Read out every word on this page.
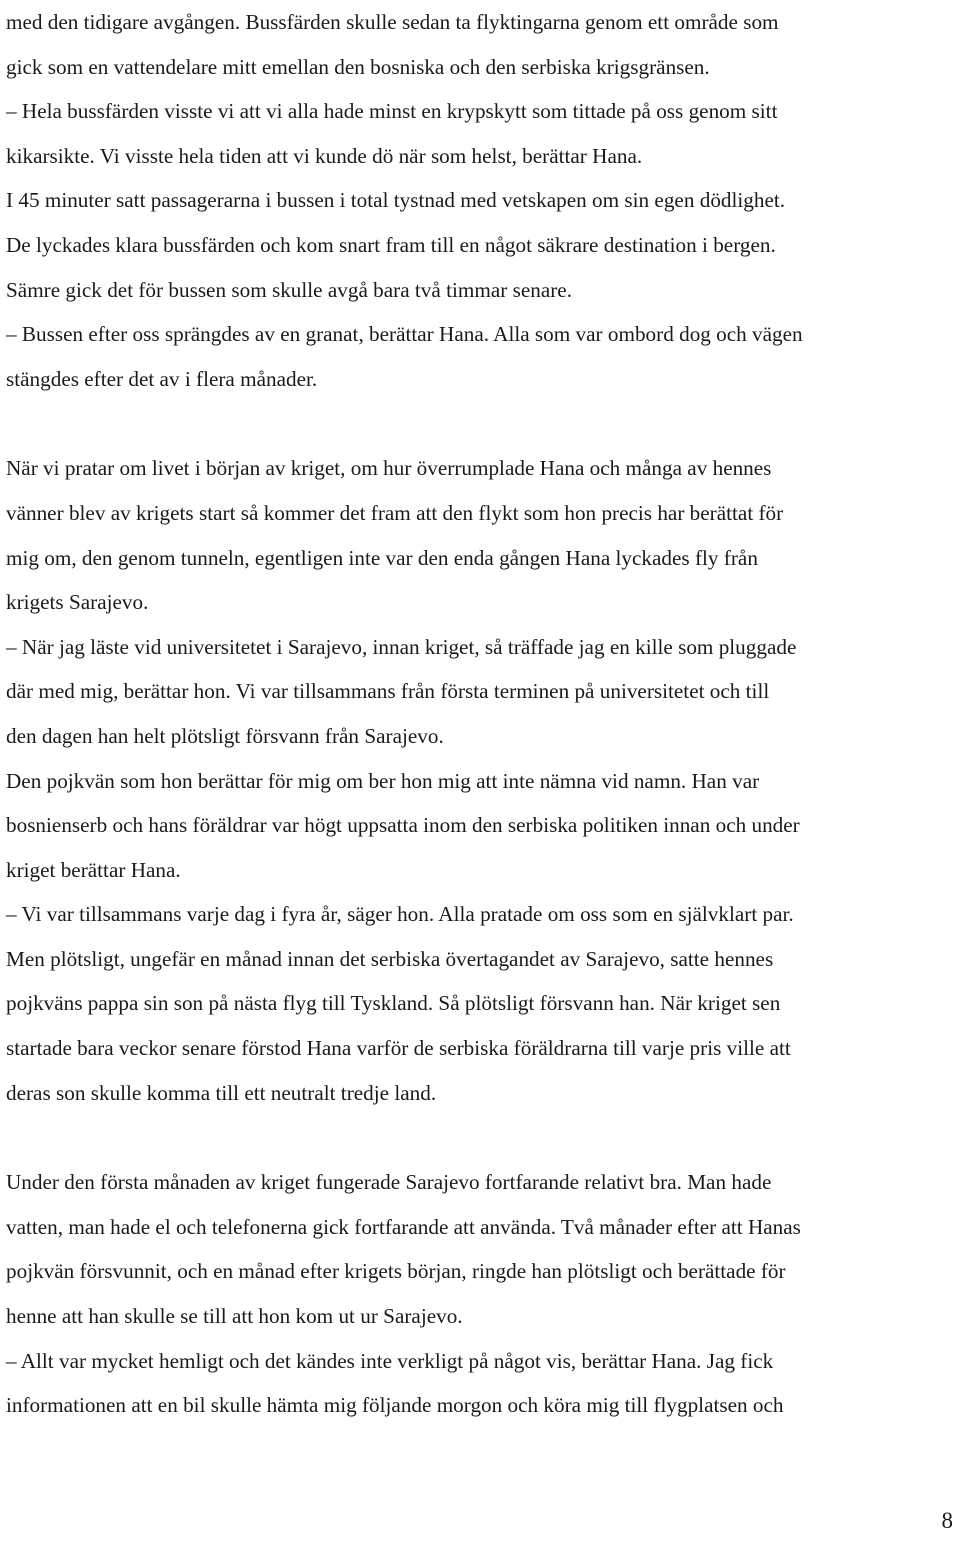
med den tidigare avgången. Bussfärden skulle sedan ta flyktingarna genom ett område som
gick som en vattendelare mitt emellan den bosniska och den serbiska krigsgränsen.
– Hela bussfärden visste vi att vi alla hade minst en krypskytt som tittade på oss genom sitt
kikarsikte. Vi visste hela tiden att vi kunde dö när som helst, berättar Hana.
I 45 minuter satt passagerarna i bussen i total tystnad med vetskapen om sin egen dödlighet.
De lyckades klara bussfärden och kom snart fram till en något säkrare destination i bergen.
Sämre gick det för bussen som skulle avgå bara två timmar senare.
– Bussen efter oss sprängdes av en granat, berättar Hana. Alla som var ombord dog och vägen
stängdes efter det av i flera månader.
När vi pratar om livet i början av kriget, om hur överrumplade Hana och många av hennes
vänner blev av krigets start så kommer det fram att den flykt som hon precis har berättat för
mig om, den genom tunneln, egentligen inte var den enda gången Hana lyckades fly från
krigets Sarajevo.
– När jag läste vid universitetet i Sarajevo, innan kriget, så träffade jag en kille som pluggade
där med mig, berättar hon. Vi var tillsammans från första terminen på universitetet och till
den dagen han helt plötsligt försvann från Sarajevo.
Den pojkvän som hon berättar för mig om ber hon mig att inte nämna vid namn. Han var
bosnienserb och hans föräldrar var högt uppsatta inom den serbiska politiken innan och under
kriget berättar Hana.
– Vi var tillsammans varje dag i fyra år, säger hon. Alla pratade om oss som en självklart par.
Men plötsligt, ungefär en månad innan det serbiska övertagandet av Sarajevo, satte hennes
pojkväns pappa sin son på nästa flyg till Tyskland. Så plötsligt försvann han. När kriget sen
startade bara veckor senare förstod Hana varför de serbiska föräldrarna till varje pris ville att
deras son skulle komma till ett neutralt tredje land.
Under den första månaden av kriget fungerade Sarajevo fortfarande relativt bra. Man hade
vatten, man hade el och telefonerna gick fortfarande att använda. Två månader efter att Hanas
pojkvän försvunnit, och en månad efter krigets början, ringde han plötsligt och berättade för
henne att han skulle se till att hon kom ut ur Sarajevo.
– Allt var mycket hemligt och det kändes inte verkligt på något vis, berättar Hana. Jag fick
informationen att en bil skulle hämta mig följande morgon och köra mig till flygplatsen och
8
